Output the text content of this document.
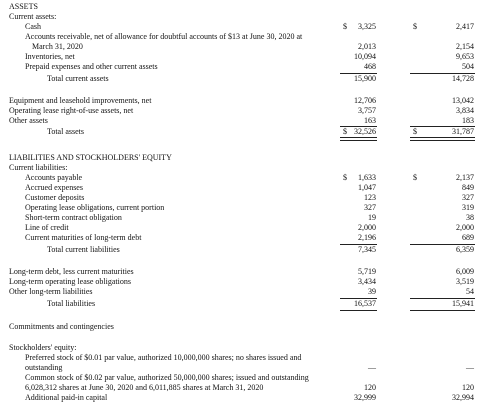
ASSETS
Current assets:
Cash	$ 3,325	$	2,417
Accounts receivable, net of allowance for doubtful accounts of $13 at June 30, 2020 at
March 31, 2020	2,013	2,154
Inventories, net	10,094	9,653
Prepaid expenses and other current assets	468	504
Total current assets	15,900	14,728
Equipment and leasehold improvements, net	12,706	13,042
Operating lease right-of-use assets, net	3,757	3,834
Other assets	163	183
Total assets	$ 32,526	$	31,787
LIABILITIES AND STOCKHOLDERS' EQUITY
Current liabilities:
Accounts payable	$ 1,633	$	2,137
Accrued expenses	1,047	849
Customer deposits	123	327
Operating lease obligations, current portion	327	319
Short-term contract obligation	19	38
Line of credit	2,000	2,000
Current maturities of long-term debt	2,196	689
Total current liabilities	7,345	6,359
Long-term debt, less current maturities	5,719	6,009
Long-term operating lease obligations	3,434	3,519
Other long-term liabilities	39	54
Total liabilities	16,537	15,941
Commitments and contingencies
Stockholders' equity:
Preferred stock of $0.01 par value, authorized 10,000,000 shares; no shares issued and
outstanding	—	—
Common stock of $0.02 par value, authorized 50,000,000 shares; issued and outstanding
6,028,312 shares at June 30, 2020 and 6,011,885 shares at March 31, 2020	120	120
Additional paid-in capital	32,999	32,994
